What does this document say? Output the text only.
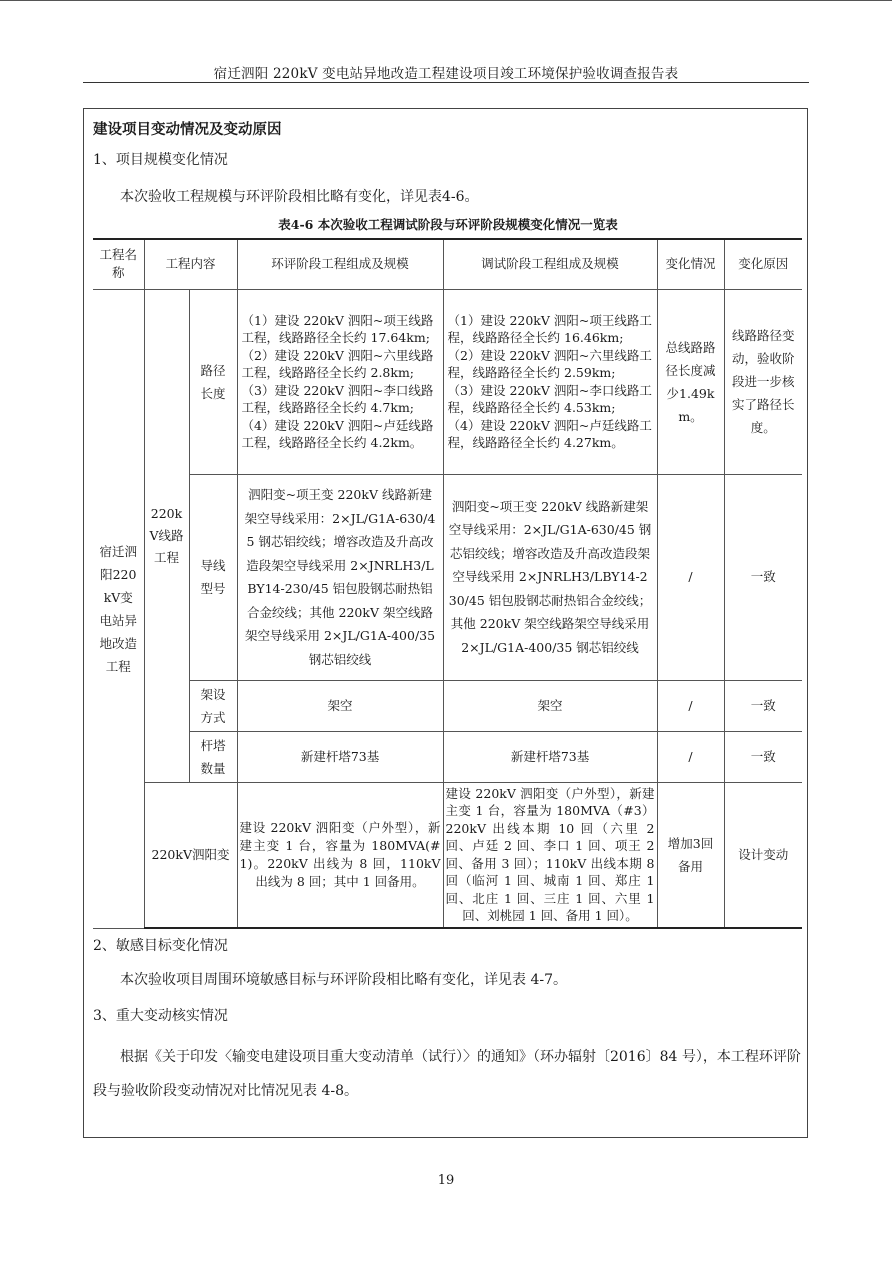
宿迁泗阳 220kV 变电站异地改造工程建设项目竣工环境保护验收调查报告表
建设项目变动情况及变动原因
1、项目规模变化情况
本次验收工程规模与环评阶段相比略有变化，详见表4-6。
表4-6 本次验收工程调试阶段与环评阶段规模变化情况一览表
工程名称	工程内容		环评阶段工程组成及规模	调试阶段工程组成及规模	变化情况	变化原因
宿迁泗阳220kV变电站异地改造工程	220kV线路工程	路径长度	（1）建设 220kV 泗阳~项王线路工程，线路路径全长约 17.64km;
（2）建设 220kV 泗阳~六里线路工程，线路路径全长约 2.8km;
（3）建设 220kV 泗阳~李口线路工程，线路路径全长约 4.7km;
（4）建设 220kV 泗阳~卢廷线路工程，线路路径全长约 4.2km。	（1）建设 220kV 泗阳~项王线路工程，线路路径全长约 16.46km;
（2）建设 220kV 泗阳~六里线路工程，线路路径全长约 2.59km;
（3）建设 220kV 泗阳~李口线路工程，线路路径全长约 4.53km;
（4）建设 220kV 泗阳~卢廷线路工程，线路路径全长约 4.27km。	总线路路径长度减少1.49km。	线路路径变动，验收阶段进一步核实了路径长度。
		导线型号	泗阳变~项王变 220kV 线路新建架空导线采用：2×JL/G1A-630/45 钢芯铝绞线；增容改造及升高改造段架空导线采用 2×JNRLH3/LBY14-230/45 铝包股钢芯耐热铝合金绞线；其他 220kV 架空线路架空导线采用 2×JL/G1A-400/35 钢芯铝绞线	泗阳变~项王变 220kV 线路新建架空导线采用：2×JL/G1A-630/45 钢芯铝绞线；增容改造及升高改造段架空导线采用 2×JNRLH3/LBY14-230/45 铝包股钢芯耐热铝合金绞线；其他 220kV 架空线路架空导线采用 2×JL/G1A-400/35 钢芯铝绞线	/	一致
		架设方式	架空	架空	/	一致
		杆塔数量	新建杆塔73基	新建杆塔73基	/	一致
	220kV泗阳变		建设 220kV 泗阳变（户外型），新建主变 1 台，容量为 180MVA(#1)。220kV 出线为 8 回，110kV 出线为 8 回；其中 1 回备用。	建设 220kV 泗阳变（户外型），新建主变 1 台，容量为 180MVA（#3）220kV 出线本期 10 回（六里 2 回、卢廷 2 回、李口 1 回、项王 2 回、备用 3 回）；110kV 出线本期 8 回（临河 1 回、城南 1 回、郑庄 1 回、北庄 1 回、三庄 1 回、六里 1 回、刘桃园 1 回、备用 1 回）。	增加3回备用	设计变动
2、敏感目标变化情况
本次验收项目周围环境敏感目标与环评阶段相比略有变化，详见表 4-7。
3、重大变动核实情况
根据《关于印发〈输变电建设项目重大变动清单（试行）〉的通知》（环办辐射〔2016〕84 号），本工程环评阶段与验收阶段变动情况对比情况见表 4-8。
19
